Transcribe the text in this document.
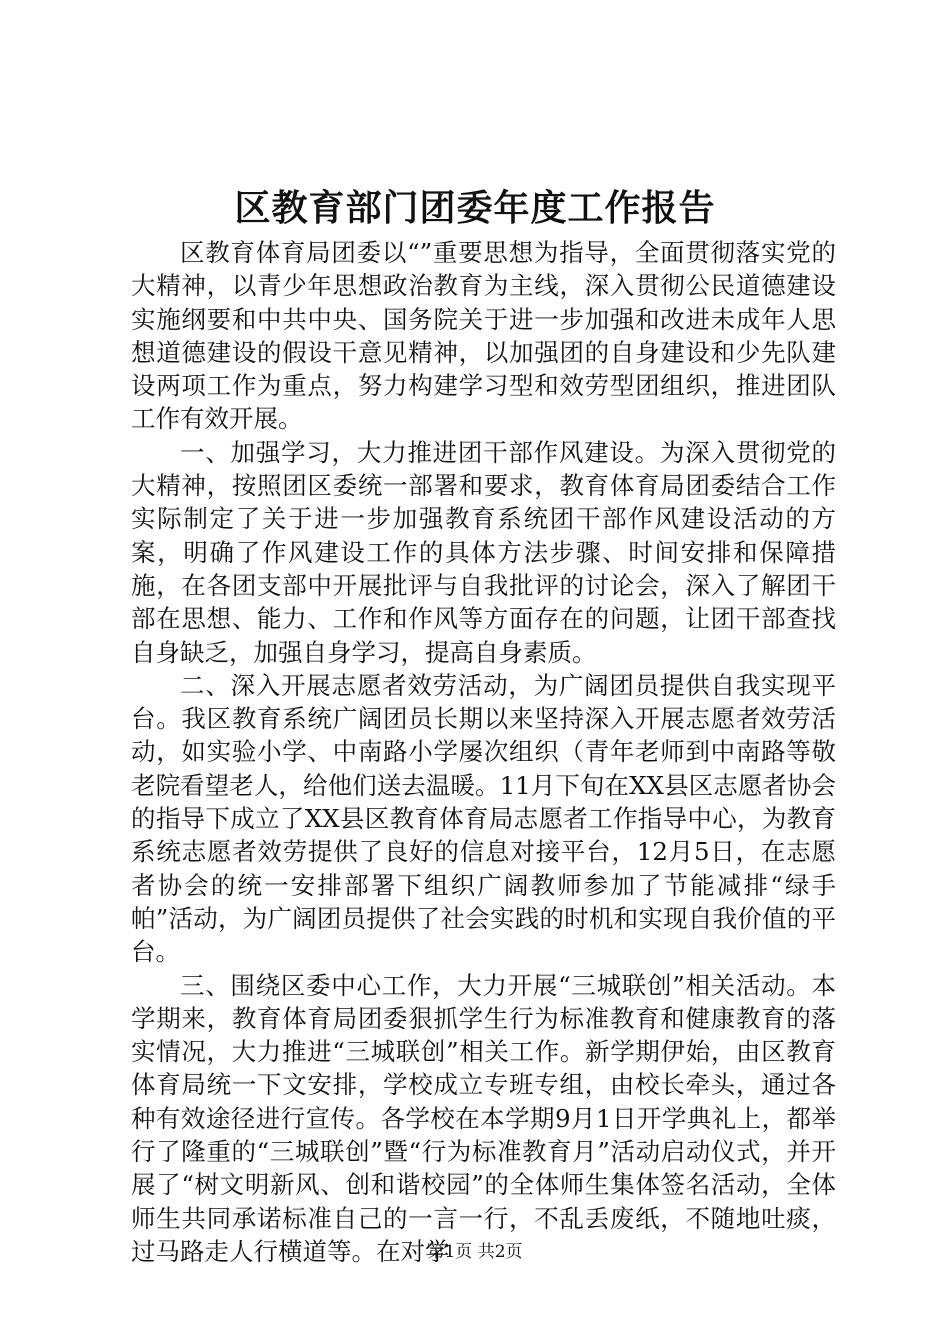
区教育部门团委年度工作报告

区教育体育局团委以“”重要思想为指导，全面贯彻落实党的大精神，以青少年思想政治教育为主线，深入贯彻公民道德建设实施纲要和中共中央、国务院关于进一步加强和改进未成年人思想道德建设的假设干意见精神，以加强团的自身建设和少先队建设两项工作为重点，努力构建学习型和效劳型团组织，推进团队工作有效开展。

一、加强学习，大力推进团干部作风建设。为深入贯彻党的大精神，按照团区委统一部署和要求，教育体育局团委结合工作实际制定了关于进一步加强教育系统团干部作风建设活动的方案，明确了作风建设工作的具体方法步骤、时间安排和保障措施，在各团支部中开展批评与自我批评的讨论会，深入了解团干部在思想、能力、工作和作风等方面存在的问题，让团干部查找自身缺乏，加强自身学习，提高自身素质。

二、深入开展志愿者效劳活动，为广阔团员提供自我实现平台。我区教育系统广阔团员长期以来坚持深入开展志愿者效劳活动，如实验小学、中南路小学屡次组织（青年老师到中南路等敬老院看望老人，给他们送去温暖。11月下旬在XX县区志愿者协会的指导下成立了XX县区教育体育局志愿者工作指导中心，为教育系统志愿者效劳提供了良好的信息对接平台，12月5日，在志愿者协会的统一安排部署下组织广阔教师参加了节能减排“绿手帕”活动，为广阔团员提供了社会实践的时机和实现自我价值的平台。

三、围绕区委中心工作，大力开展“三城联创”相关活动。本学期来，教育体育局团委狠抓学生行为标准教育和健康教育的落实情况，大力推进“三城联创”相关工作。新学期伊始，由区教育体育局统一下文安排，学校成立专班专组，由校长牵头，通过各种有效途径进行宣传。各学校在本学期9月1日开学典礼上，都举行了隆重的“三城联创”暨“行为标准教育月”活动启动仪式，并开展了“树文明新风、创和谐校园”的全体师生集体签名活动，全体师生共同承诺标准自己的一言一行，不乱丢废纸，不随地吐痰，过马路走人行横道等。在对学

第1页 共2页
